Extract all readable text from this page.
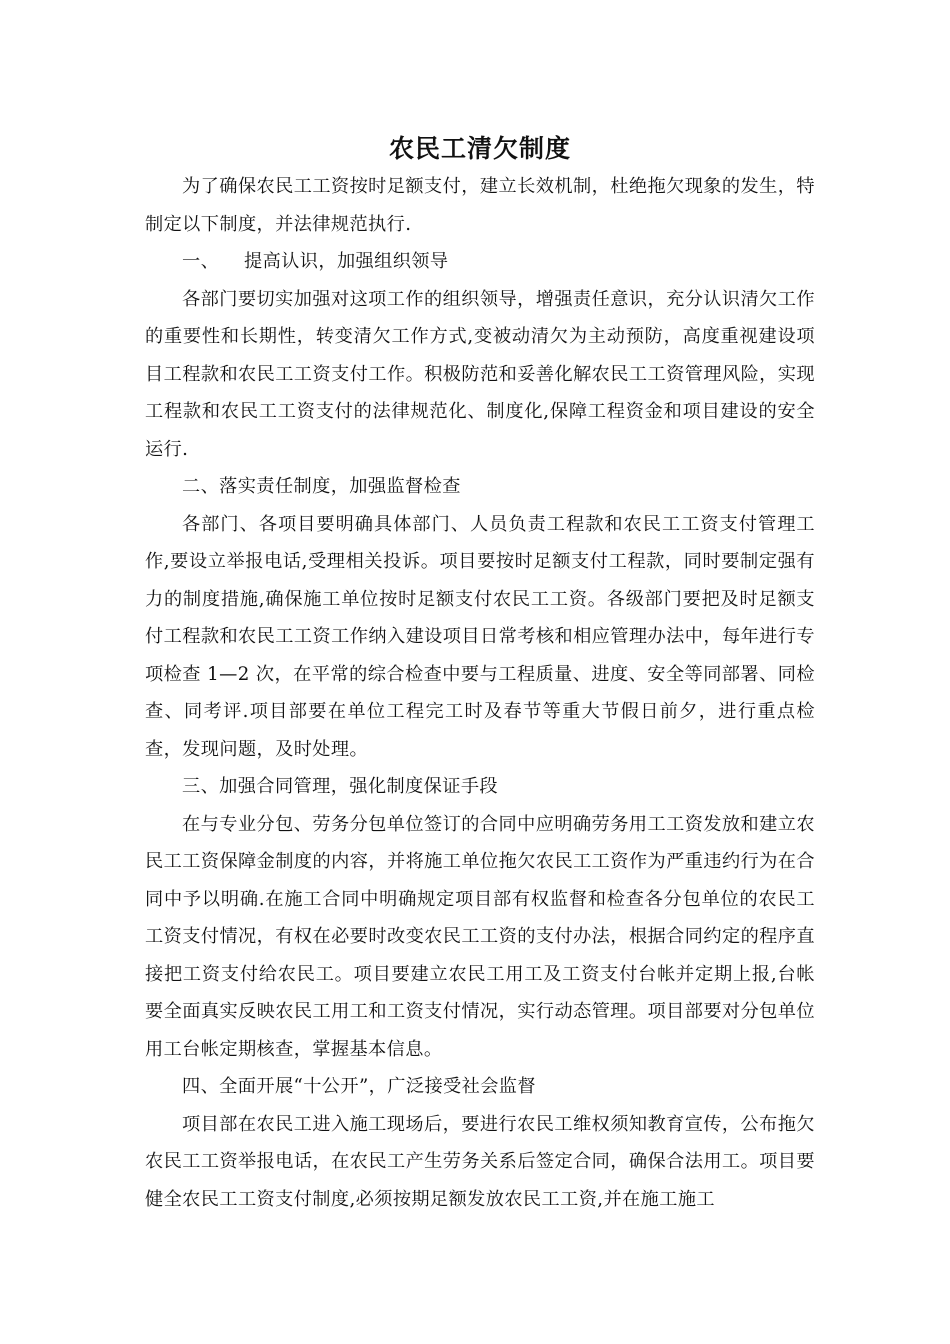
农民工清欠制度

为了确保农民工工资按时足额支付，建立长效机制，杜绝拖欠现象的发生，特制定以下制度，并法律规范执行.

一、 提高认识，加强组织领导

各部门要切实加强对这项工作的组织领导，增强责任意识，充分认识清欠工作的重要性和长期性，转变清欠工作方式,变被动清欠为主动预防，高度重视建设项目工程款和农民工工资支付工作。积极防范和妥善化解农民工工资管理风险，实现工程款和农民工工资支付的法律规范化、制度化,保障工程资金和项目建设的安全运行.

二、落实责任制度，加强监督检查

各部门、各项目要明确具体部门、人员负责工程款和农民工工资支付管理工作,要设立举报电话,受理相关投诉。项目要按时足额支付工程款，同时要制定强有力的制度措施,确保施工单位按时足额支付农民工工资。各级部门要把及时足额支付工程款和农民工工资工作纳入建设项目日常考核和相应管理办法中，每年进行专项检查 1—2 次，在平常的综合检查中要与工程质量、进度、安全等同部署、同检查、同考评.项目部要在单位工程完工时及春节等重大节假日前夕，进行重点检查，发现问题，及时处理。

三、加强合同管理，强化制度保证手段

在与专业分包、劳务分包单位签订的合同中应明确劳务用工工资发放和建立农民工工资保障金制度的内容，并将施工单位拖欠农民工工资作为严重违约行为在合同中予以明确.在施工合同中明确规定项目部有权监督和检查各分包单位的农民工工资支付情况，有权在必要时改变农民工工资的支付办法，根据合同约定的程序直接把工资支付给农民工。项目要建立农民工用工及工资支付台帐并定期上报,台帐要全面真实反映农民工用工和工资支付情况，实行动态管理。项目部要对分包单位用工台帐定期核查，掌握基本信息。

四、全面开展“十公开”，广泛接受社会监督

项目部在农民工进入施工现场后，要进行农民工维权须知教育宣传，公布拖欠农民工工资举报电话，在农民工产生劳务关系后签定合同，确保合法用工。项目要健全农民工工资支付制度,必须按期足额发放农民工工资,并在施工施工
